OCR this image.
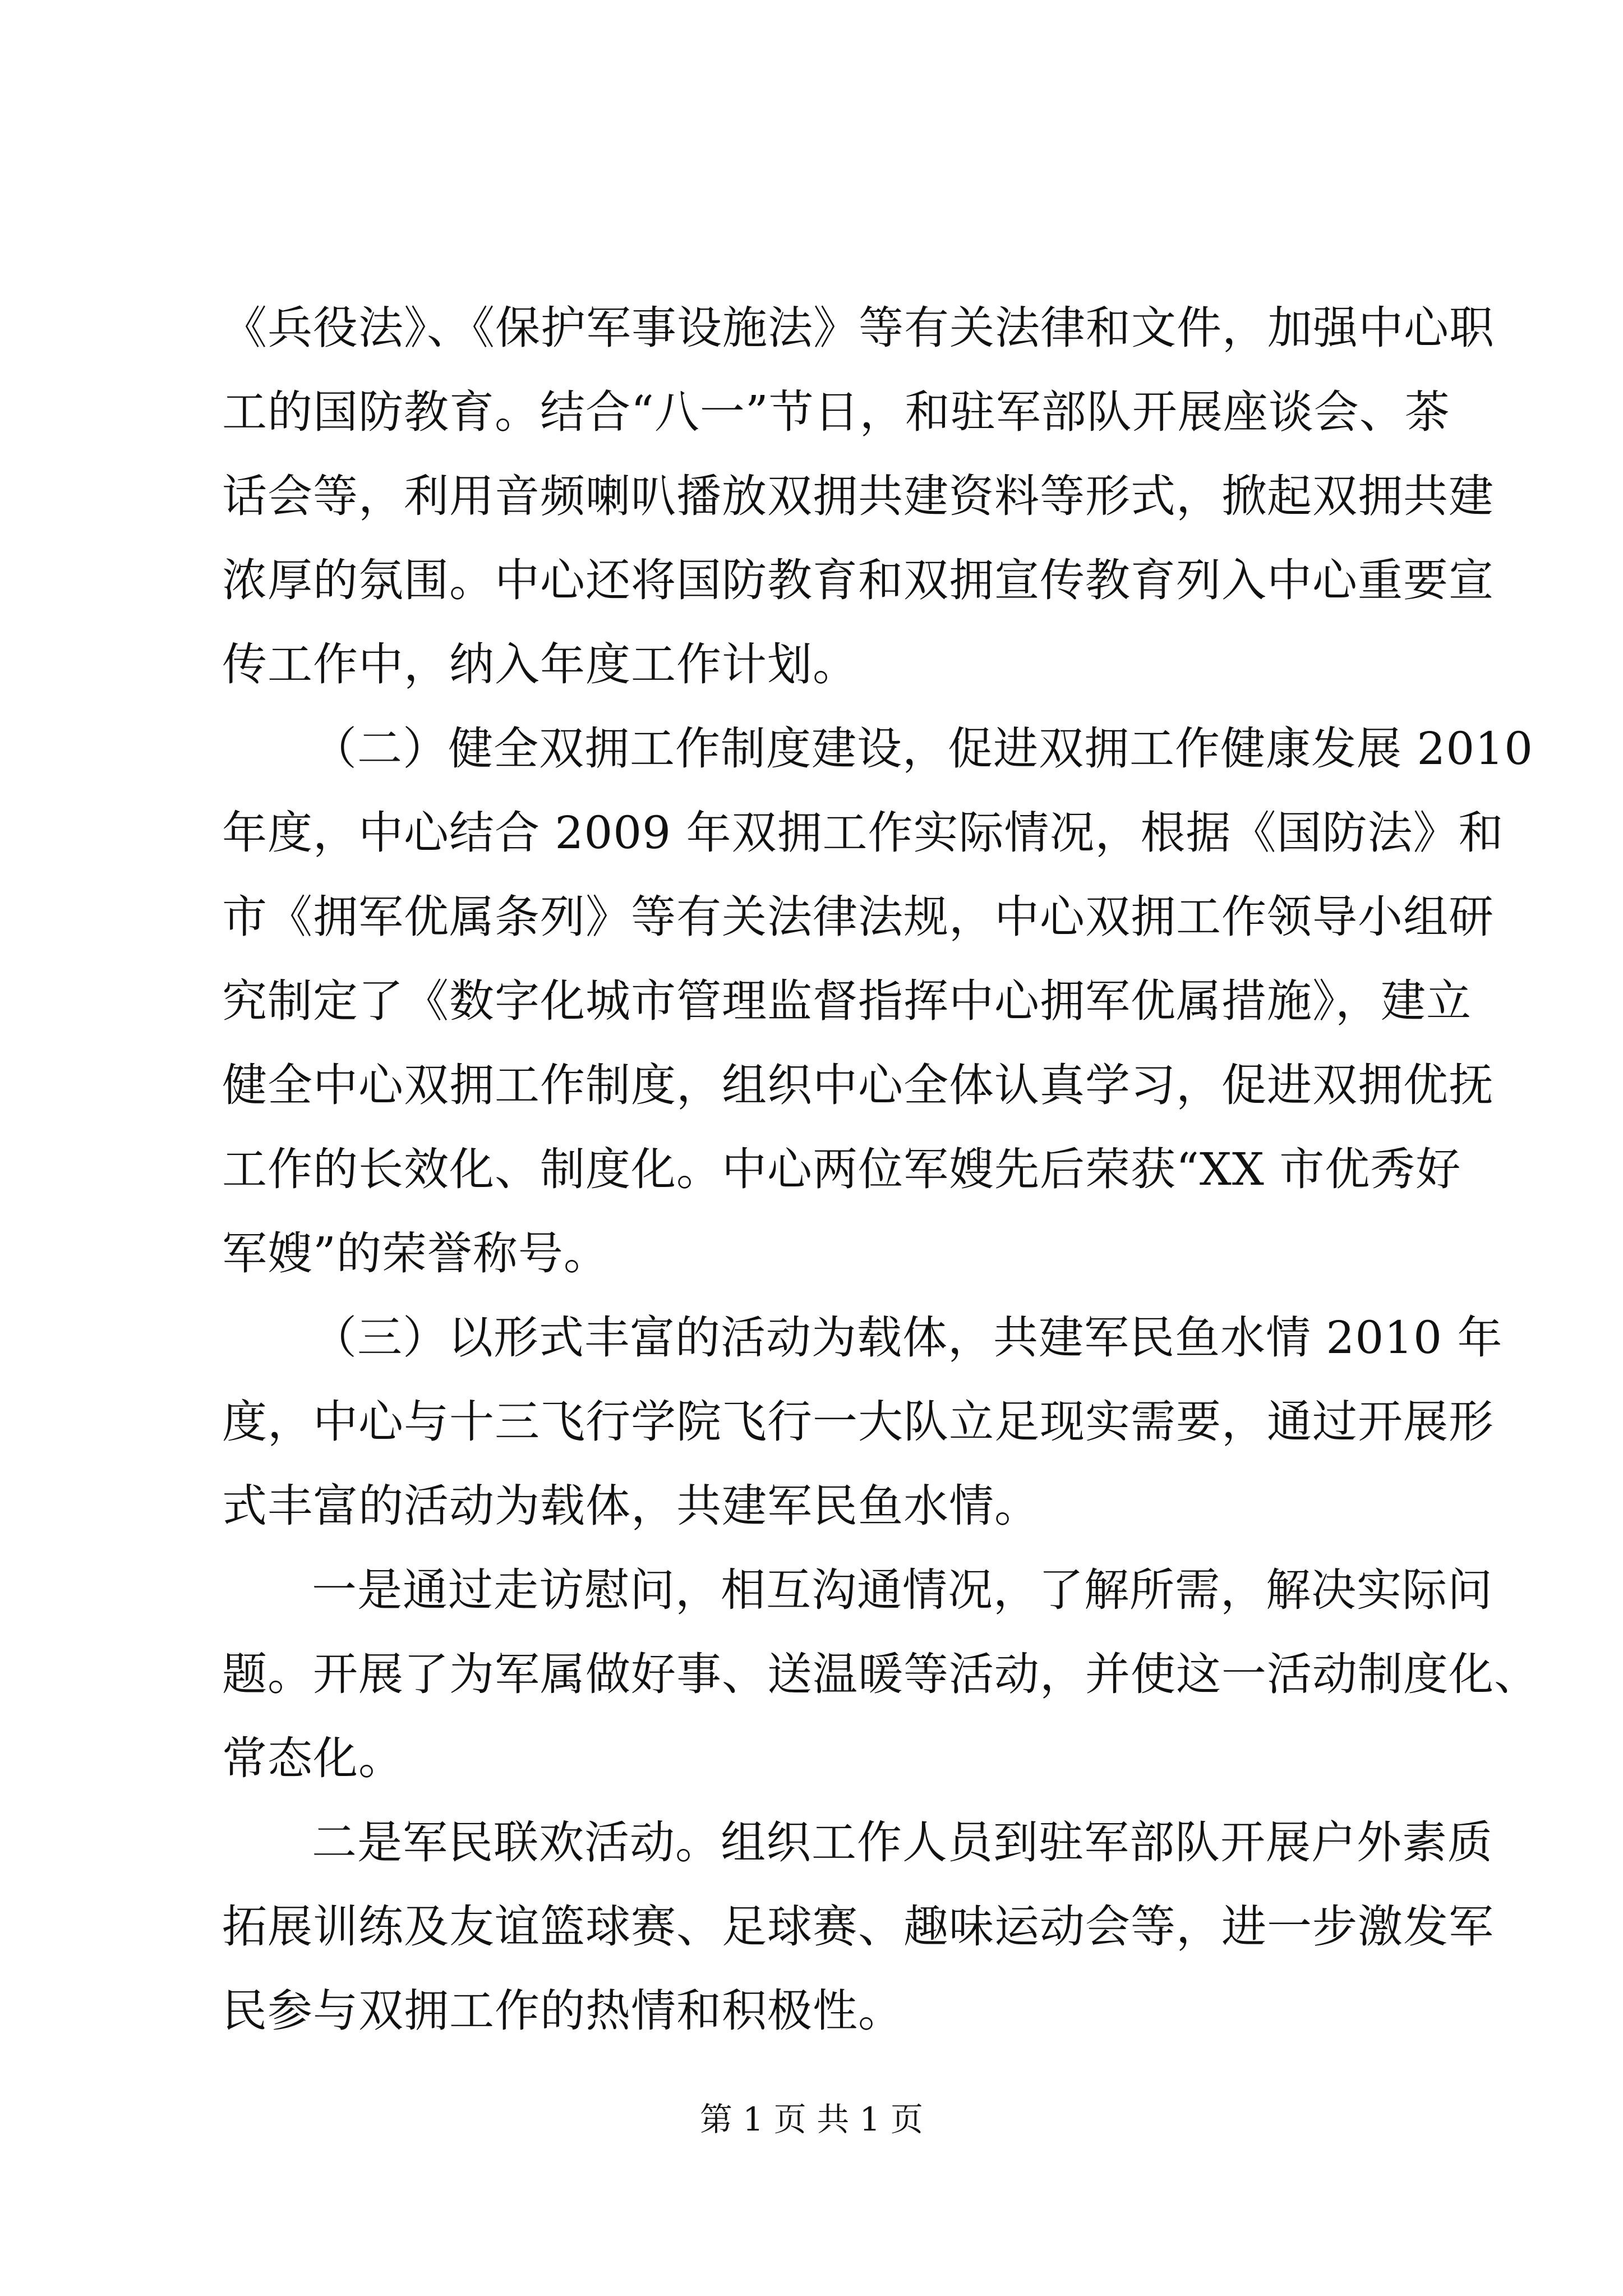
《兵役法》、《保护军事设施法》等有关法律和文件，加强中心职
工的国防教育。结合“八一”节日，和驻军部队开展座谈会、茶
话会等，利用音频喇叭播放双拥共建资料等形式，掀起双拥共建
浓厚的氛围。中心还将国防教育和双拥宣传教育列入中心重要宣
传工作中，纳入年度工作计划。
（二）健全双拥工作制度建设，促进双拥工作健康发展 2010
年度，中心结合 2009 年双拥工作实际情况，根据《国防法》和
市《拥军优属条列》等有关法律法规，中心双拥工作领导小组研
究制定了《数字化城市管理监督指挥中心拥军优属措施》，建立
健全中心双拥工作制度，组织中心全体认真学习，促进双拥优抚
工作的长效化、制度化。中心两位军嫂先后荣获“XX 市优秀好
军嫂”的荣誉称号。
（三）以形式丰富的活动为载体，共建军民鱼水情 2010 年
度，中心与十三飞行学院飞行一大队立足现实需要，通过开展形
式丰富的活动为载体，共建军民鱼水情。
一是通过走访慰问，相互沟通情况，了解所需，解决实际问
题。开展了为军属做好事、送温暖等活动，并使这一活动制度化、
常态化。
二是军民联欢活动。组织工作人员到驻军部队开展户外素质
拓展训练及友谊篮球赛、足球赛、趣味运动会等，进一步激发军
民参与双拥工作的热情和积极性。
第 1 页 共 1 页
